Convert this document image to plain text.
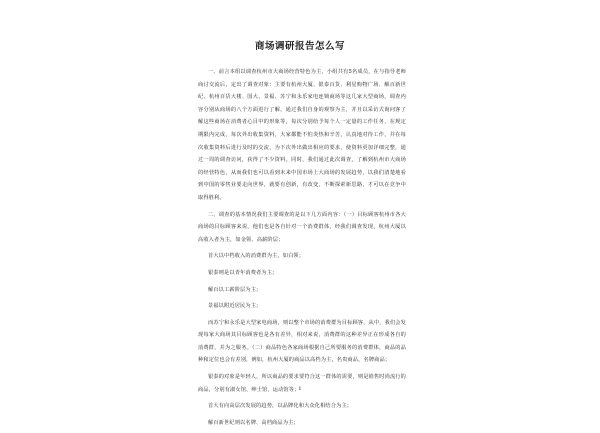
商场调研报告怎么写

一、前言本组以调查杭州市大商场经营特色为主，小组共有5名成员，在与指导老师商讨交流后，定出了调查对象：主要有杭州大厦、银泰百货、利星购物广场、解百新世纪、杭州百货大楼、国大、景福、苏宁和永乐家电连锁商场等这几家大型商场，调查内容分别从商场的八个方面进行了解，通过我们自身的观察为主，并且以采访式询问客了解这些商场在消费者心目中的形象等，每次分别给予每个人一定量的工作任务，在规定期限内完成，每次外出收集资料，大家都能不怕炎热和辛苦，认真地对待工作，并在每次收集资料后进行及时的交流，为下次外出做出相应的要求，使资料更加详细完整，通过一周的调查访问，获得了不少资料。同时，我们通过此次调查，了解到杭州市大商场的经营特色，从而我们也可以看到未来中国市场上大商场的发展趋势，以我们清楚地看到中国的零售业要走向世界，就要有创新，有改变，不断探索新思路，才可以在竞争中取得胜利。

二、调查的基本情况我们主要调查的是以下几方面内容：（一）目标顾客杭州市各大商场的目标顾客来说，他们也是各自针对一个消费群体，经我们调查发现，杭州大厦以高收入者为主，如金领、高薪阶层；

首大以中档收入的消费群为主，如白领；

银泰则是以青年消费者为主；

解百以工薪阶层为主；

景福以附近居民为主；

而苏宁和永乐是大型家电商场，则以整个市场的消费群为目标顾客，从中，我们会发现每家大商场其目标顾客也是各有差异，相对来说，消费群的这种差异正在形成各自的消费群，并为之服务。（二）商品特色各家商场根据自己所要服务的消费群体，商品的品种和定位也会有差别，例如，杭州大厦的商品以高档为主，名贵商品，名牌商品；

银泰的对象是年轻人，所以商品的要求要符合这一群体的需要，则是销售时尚流行的商品，分别有淑女馆、绅士馆、运动馆等；

首大有向高层次发展的趋势，以品牌化和大众化相结合为主；

解百新世纪则以名牌、高档商品为主；

1
